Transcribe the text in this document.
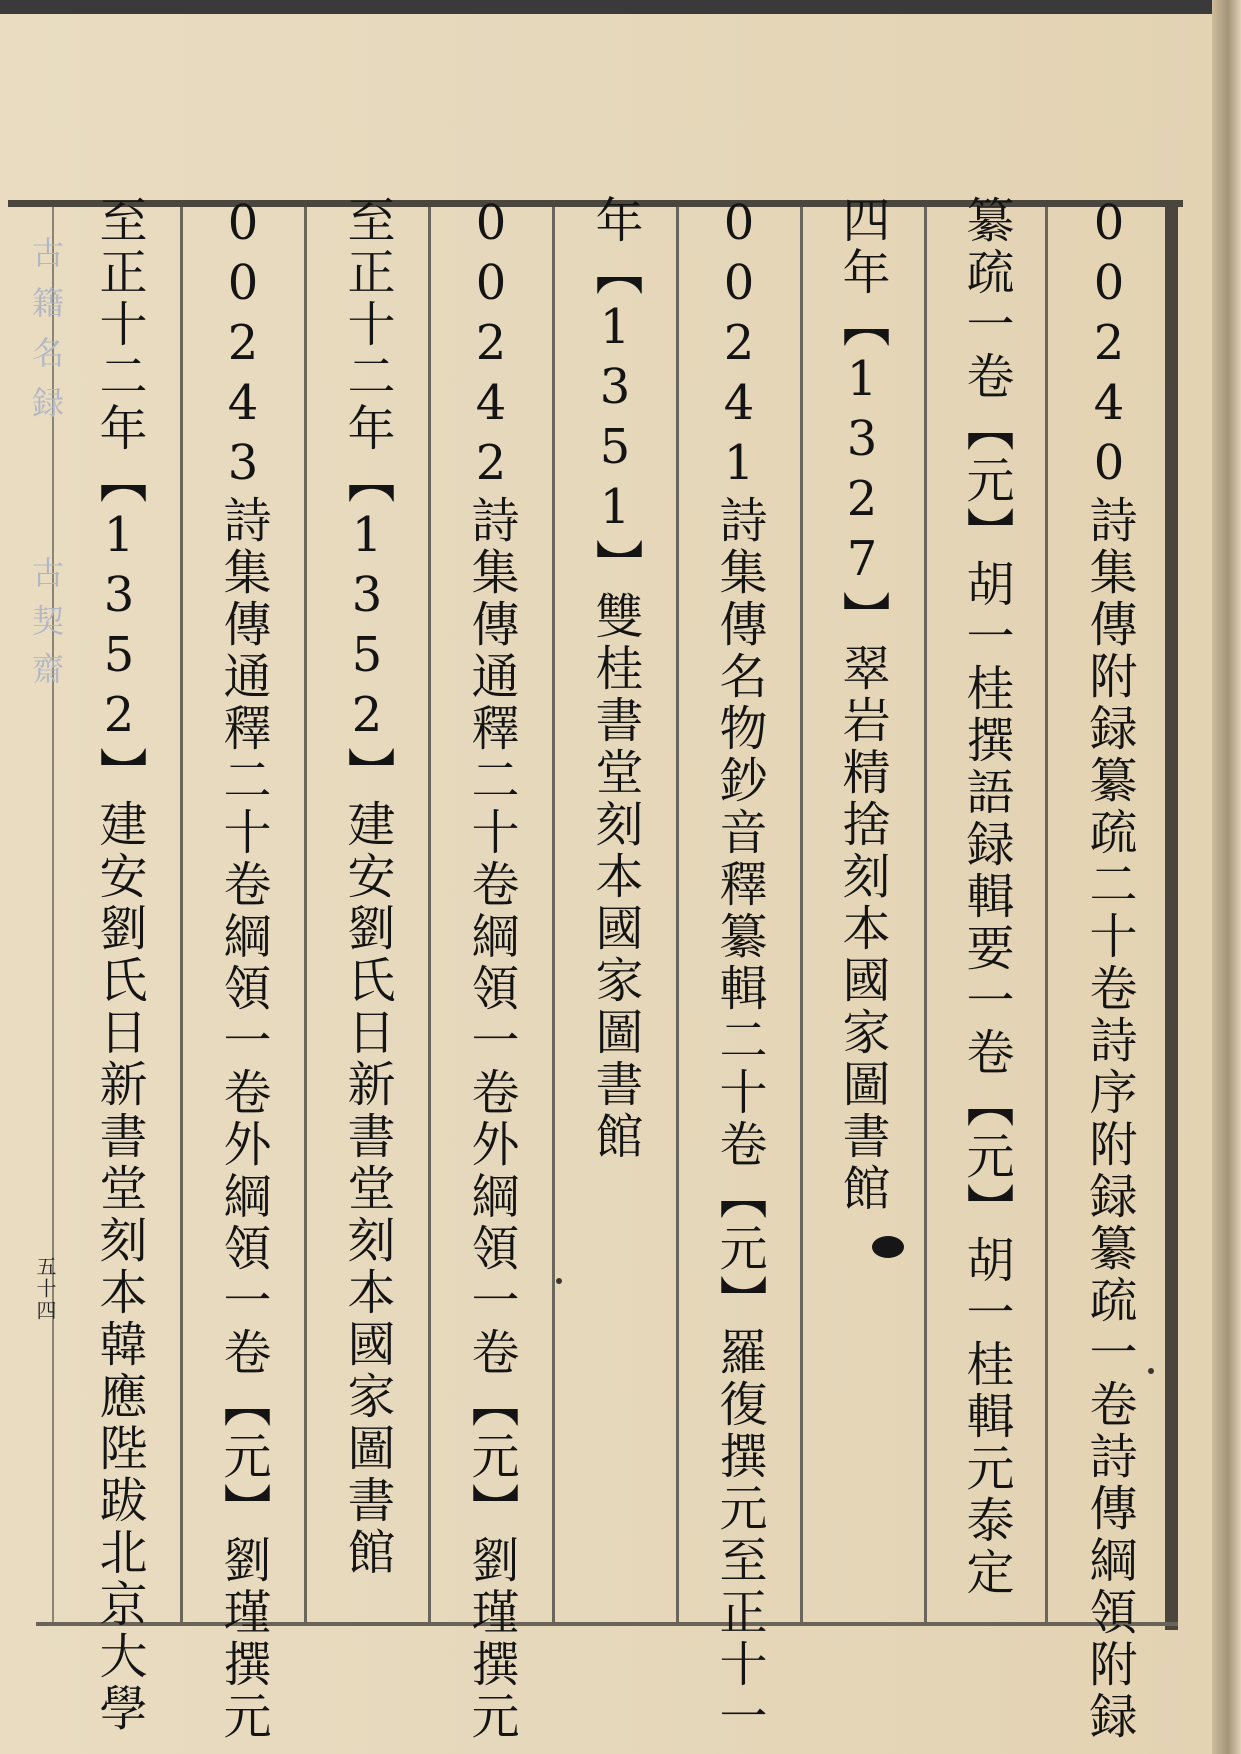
古籍名録
古契齋
五十四	00240詩集傳附録纂疏二十卷詩序附録纂疏一卷詩傳綱領附録
纂疏一卷【元】胡一桂撰語録輯要一卷【元】胡一桂輯元泰定
四年【1327】翠岩精捨刻本國家圖書館
00241詩集傳名物鈔音釋纂輯二十卷【元】羅復撰元至正十一
年【1351】雙桂書堂刻本國家圖書館
00242詩集傳通釋二十卷綱領一卷外綱領一卷【元】劉瑾撰元
至正十二年【1352】建安劉氏日新書堂刻本國家圖書館
00243詩集傳通釋二十卷綱領一卷外綱領一卷【元】劉瑾撰元
至正十二年【1352】建安劉氏日新書堂刻本韓應陛跋北京大學
